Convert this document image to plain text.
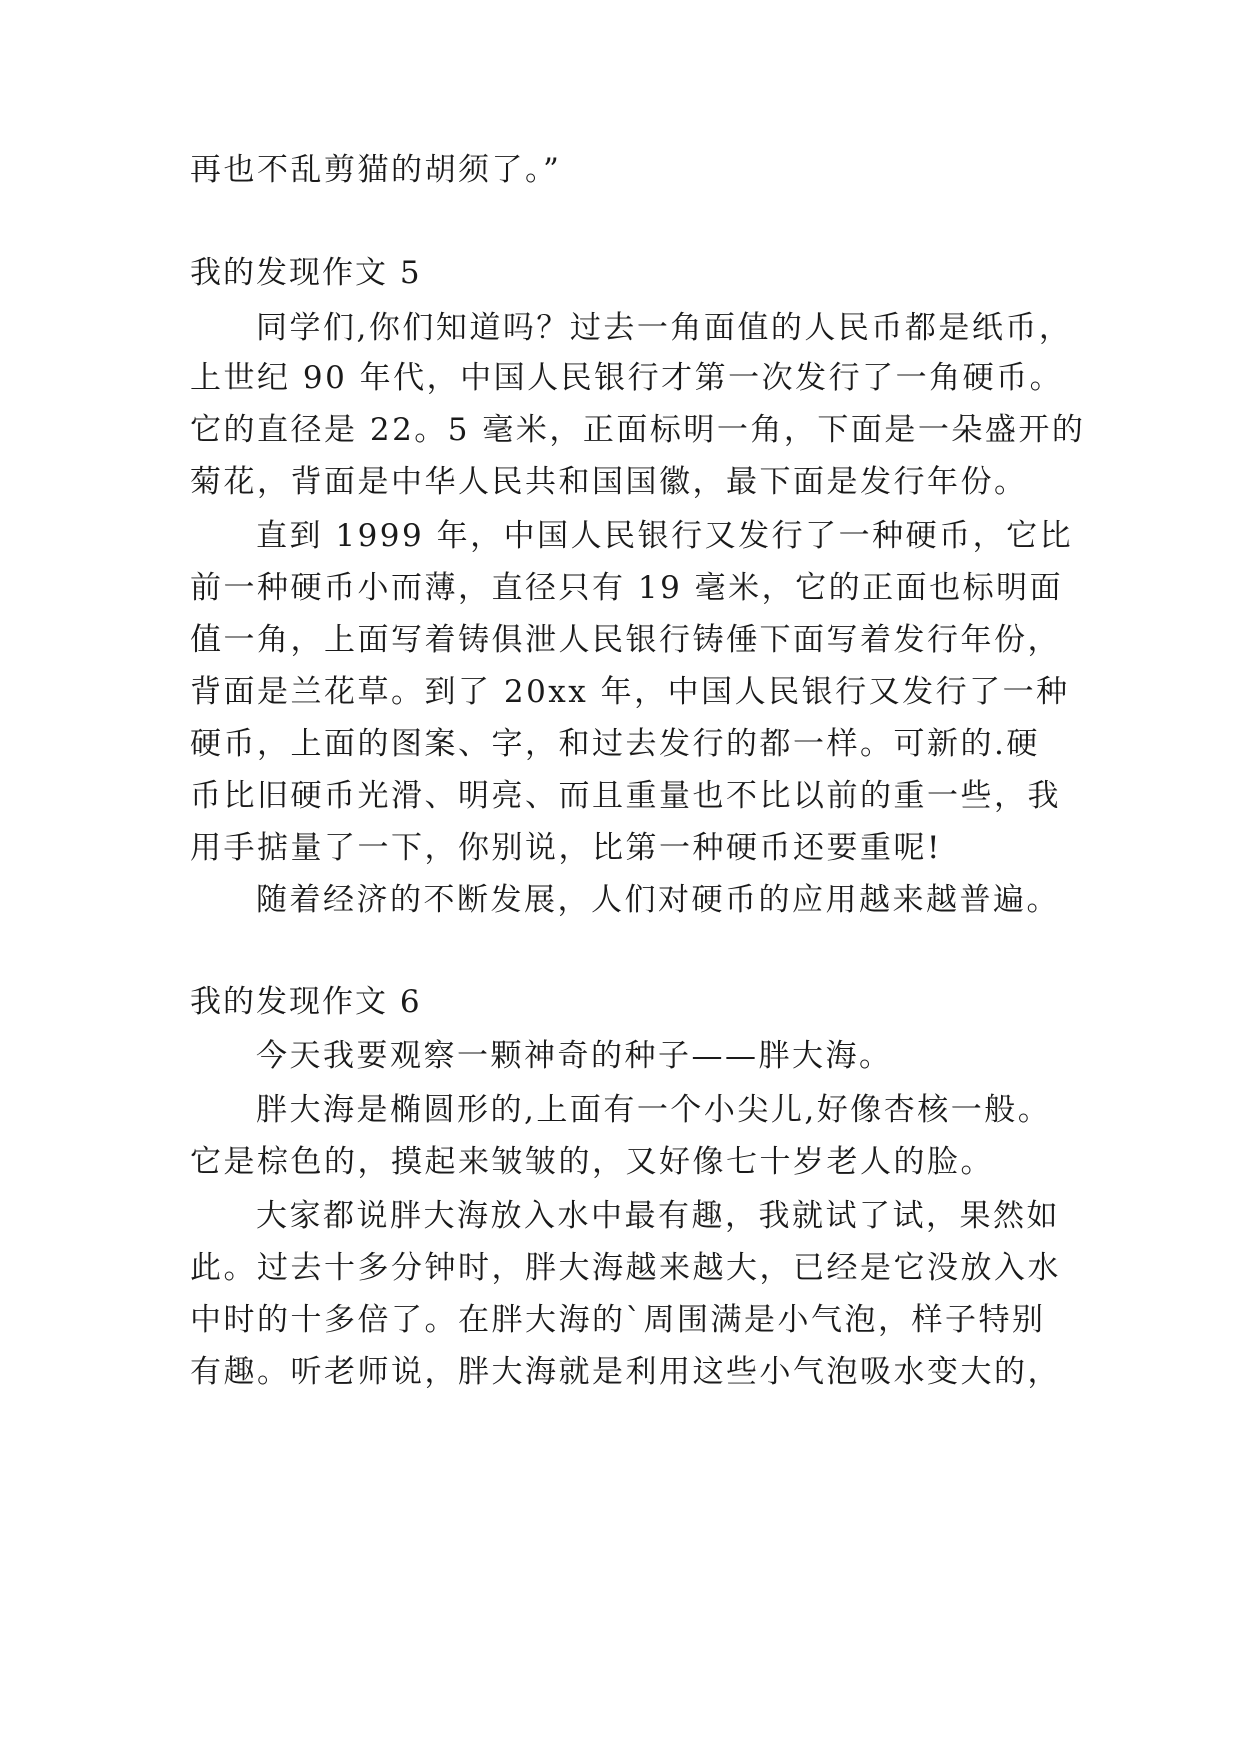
再也不乱剪猫的胡须了。”
我的发现作文 5
同学们,你们知道吗？过去一角面值的人民币都是纸币，
上世纪 90 年代，中国人民银行才第一次发行了一角硬币。
它的直径是 22。5 毫米，正面标明一角，下面是一朵盛开的
菊花，背面是中华人民共和国国徽，最下面是发行年份。
直到 1999 年，中国人民银行又发行了一种硬币，它比
前一种硬币小而薄，直径只有 19 毫米，它的正面也标明面
值一角，上面写着铸俱泄人民银行铸倕下面写着发行年份，
背面是兰花草。到了 20xx 年，中国人民银行又发行了一种
硬币，上面的图案、字，和过去发行的都一样。可新的.硬
币比旧硬币光滑、明亮、而且重量也不比以前的重一些，我
用手掂量了一下，你别说，比第一种硬币还要重呢!
随着经济的不断发展，人们对硬币的应用越来越普遍。
我的发现作文 6
今天我要观察一颗神奇的种子——胖大海。
胖大海是椭圆形的,上面有一个小尖儿,好像杏核一般。
它是棕色的，摸起来皱皱的，又好像七十岁老人的脸。
大家都说胖大海放入水中最有趣，我就试了试，果然如
此。过去十多分钟时，胖大海越来越大，已经是它没放入水
中时的十多倍了。在胖大海的`周围满是小气泡，样子特别
有趣。听老师说，胖大海就是利用这些小气泡吸水变大的，
